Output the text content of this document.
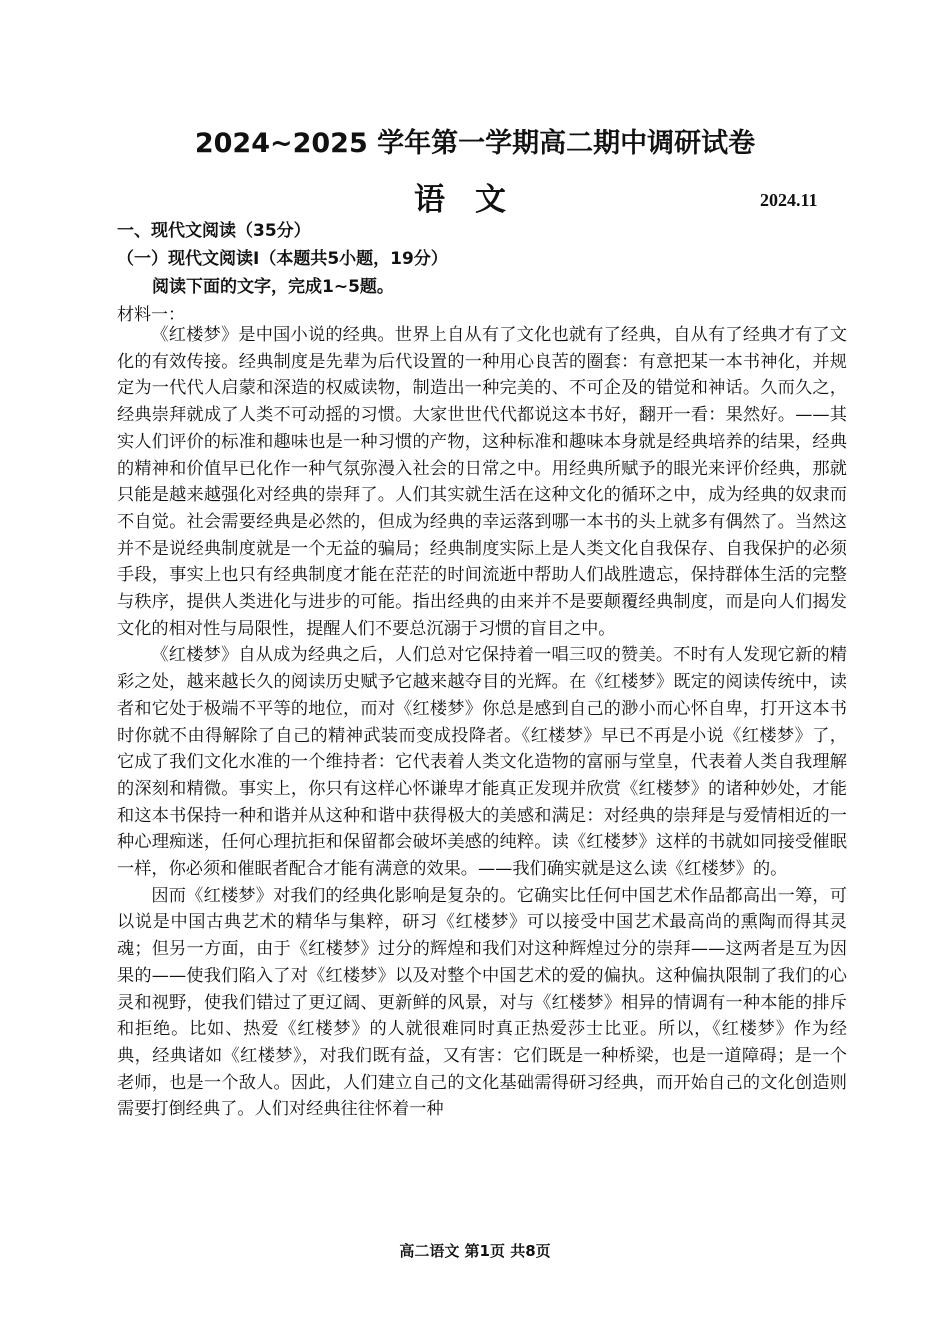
2024~2025 学年第一学期高二期中调研试卷
语文	2024.11
一、现代文阅读（35分）
（一）现代文阅读Ⅰ（本题共5小题，19分）
阅读下面的文字，完成1~5题。
材料一：

《红楼梦》是中国小说的经典。世界上自从有了文化也就有了经典，自从有了经典才有了文化的有效传接。经典制度是先辈为后代设置的一种用心良苦的圈套：有意把某一本书神化，并规定为一代代人启蒙和深造的权威读物，制造出一种完美的、不可企及的错觉和神话。久而久之，经典崇拜就成了人类不可动摇的习惯。大家世世代代都说这本书好，翻开一看：果然好。——其实人们评价的标准和趣味也是一种习惯的产物，这种标准和趣味本身就是经典培养的结果，经典的精神和价值早已化作一种气氛弥漫入社会的日常之中。用经典所赋予的眼光来评价经典，那就只能是越来越强化对经典的崇拜了。人们其实就生活在这种文化的循环之中，成为经典的奴隶而不自觉。社会需要经典是必然的，但成为经典的幸运落到哪一本书的头上就多有偶然了。当然这并不是说经典制度就是一个无益的骗局；经典制度实际上是人类文化自我保存、自我保护的必须手段，事实上也只有经典制度才能在茫茫的时间流逝中帮助人们战胜遗忘，保持群体生活的完整与秩序，提供人类进化与进步的可能。指出经典的由来并不是要颠覆经典制度，而是向人们揭发文化的相对性与局限性，提醒人们不要总沉溺于习惯的盲目之中。

《红楼梦》自从成为经典之后，人们总对它保持着一唱三叹的赞美。不时有人发现它新的精彩之处，越来越长久的阅读历史赋予它越来越夺目的光辉。在《红楼梦》既定的阅读传统中，读者和它处于极端不平等的地位，而对《红楼梦》你总是感到自己的渺小而心怀自卑，打开这本书时你就不由得解除了自己的精神武装而变成投降者。《红楼梦》早已不再是小说《红楼梦》了，它成了我们文化水准的一个维持者：它代表着人类文化造物的富丽与堂皇，代表着人类自我理解的深刻和精微。事实上，你只有这样心怀谦卑才能真正发现并欣赏《红楼梦》的诸种妙处，才能和这本书保持一种和谐并从这种和谐中获得极大的美感和满足：对经典的崇拜是与爱情相近的一种心理痴迷，任何心理抗拒和保留都会破坏美感的纯粹。读《红楼梦》这样的书就如同接受催眠一样，你必须和催眠者配合才能有满意的效果。——我们确实就是这么读《红楼梦》的。

因而《红楼梦》对我们的经典化影响是复杂的。它确实比任何中国艺术作品都高出一筹，可以说是中国古典艺术的精华与集粹，研习《红楼梦》可以接受中国艺术最高尚的熏陶而得其灵魂；但另一方面，由于《红楼梦》过分的辉煌和我们对这种辉煌过分的崇拜——这两者是互为因果的——使我们陷入了对《红楼梦》以及对整个中国艺术的爱的偏执。这种偏执限制了我们的心灵和视野，使我们错过了更辽阔、更新鲜的风景，对与《红楼梦》相异的情调有一种本能的排斥和拒绝。比如、热爱《红楼梦》的人就很难同时真正热爱莎士比亚。所以，《红楼梦》作为经典，经典诸如《红楼梦》，对我们既有益，又有害：它们既是一种桥梁，也是一道障碍；是一个老师，也是一个敌人。因此，人们建立自己的文化基础需得研习经典，而开始自己的文化创造则需要打倒经典了。人们对经典往往怀着一种

高二语文 第1页 共8页
